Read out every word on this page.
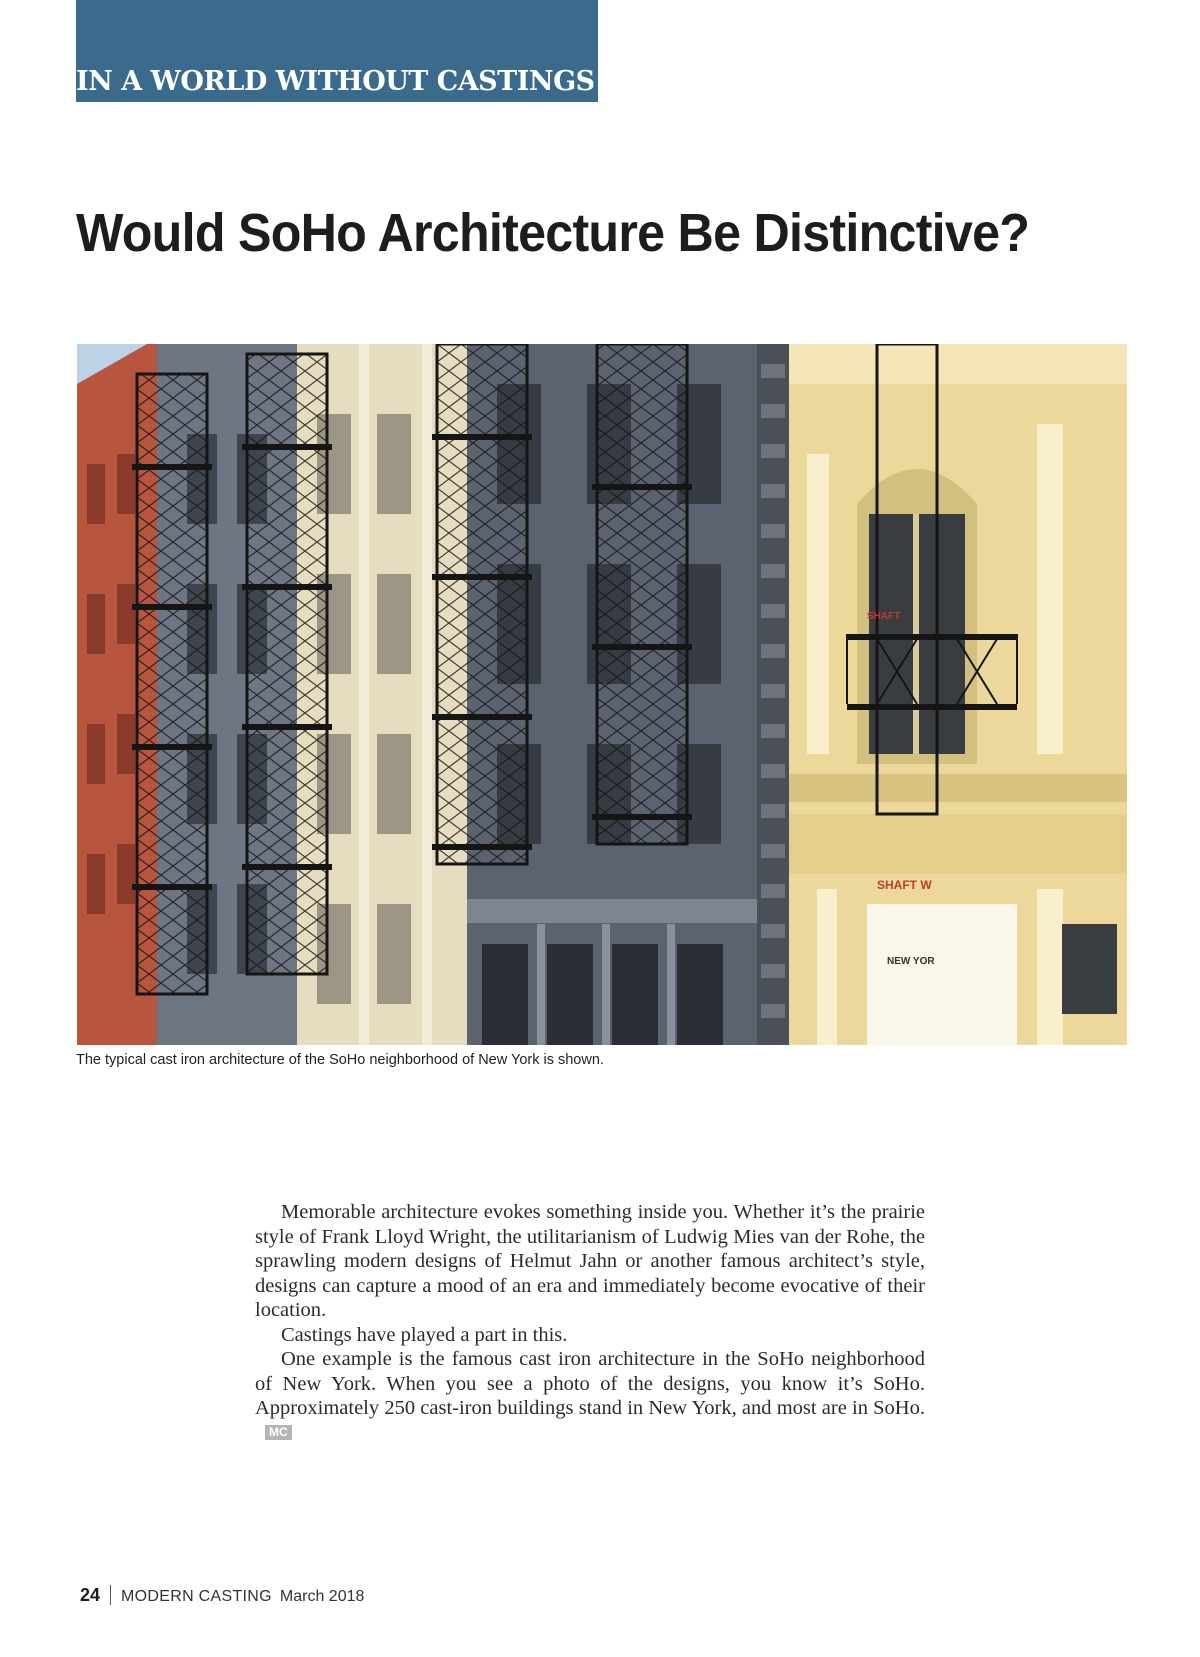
IN A WORLD WITHOUT CASTINGS
Would SoHo Architecture Be Distinctive?
SHAFT
SHAFT W
NEW YOR
The typical cast iron architecture of the SoHo neighborhood of New York is shown.

Memorable architecture evokes something inside you. Whether it’s the prairie style of Frank Lloyd Wright, the utilitarianism of Ludwig Mies van der Rohe, the sprawling modern designs of Helmut Jahn or another famous architect’s style, designs can capture a mood of an era and immediately become evocative of their location.

Castings have played a part in this.

One example is the famous cast iron architecture in the SoHo neighborhood of New York. When you see a photo of the designs, you know it’s SoHo. Approximately 250 cast-iron buildings stand in New York, and most are in SoHo.MC

24 MODERN CASTING March 2018
